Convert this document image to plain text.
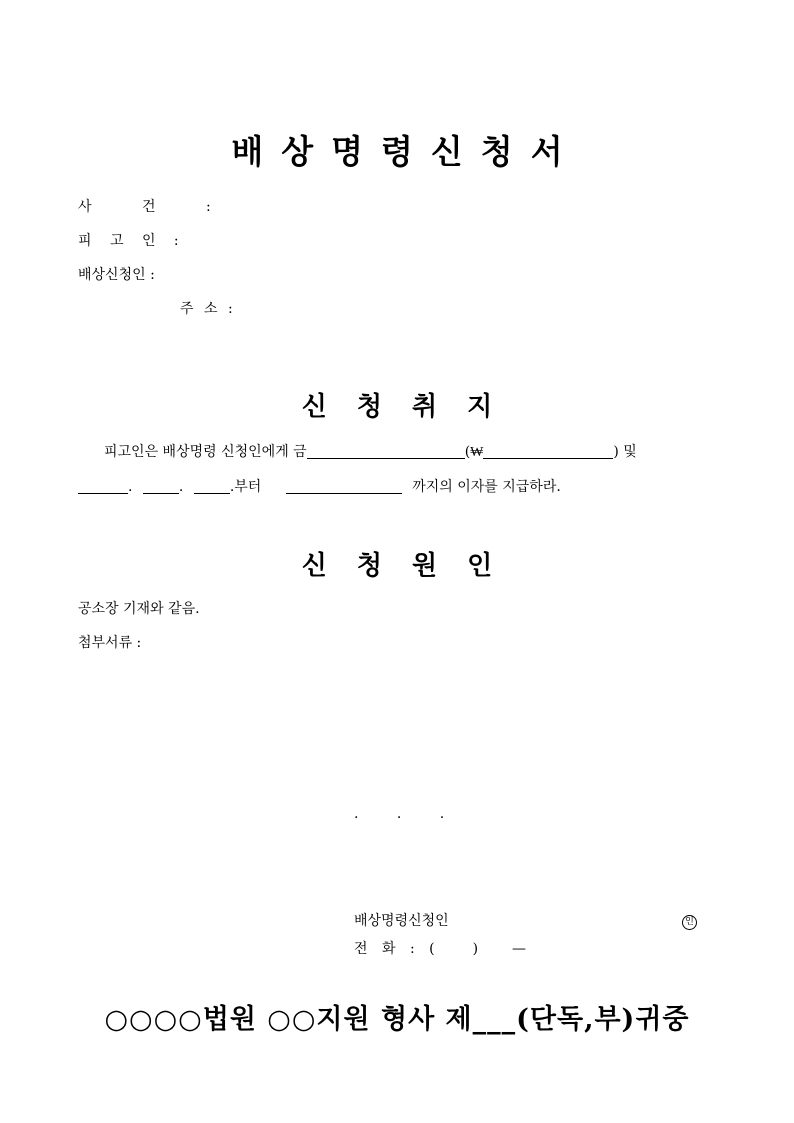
배상명령신청서
사 건 :
피 고 인 :
배상신청인 :
주 소 :
신청취지
피고인은 배상명령 신청인에게 금	(₩	) 및
.	.	.부터	까지의 이자를 지급하라.
신청원인
공소장 기재와 같음.
첨부서류 :
. . .
배상명령신청인	인
전 화 : (	) —
○○○○법원 ○○지원 형사 제___(단독,부)귀중
